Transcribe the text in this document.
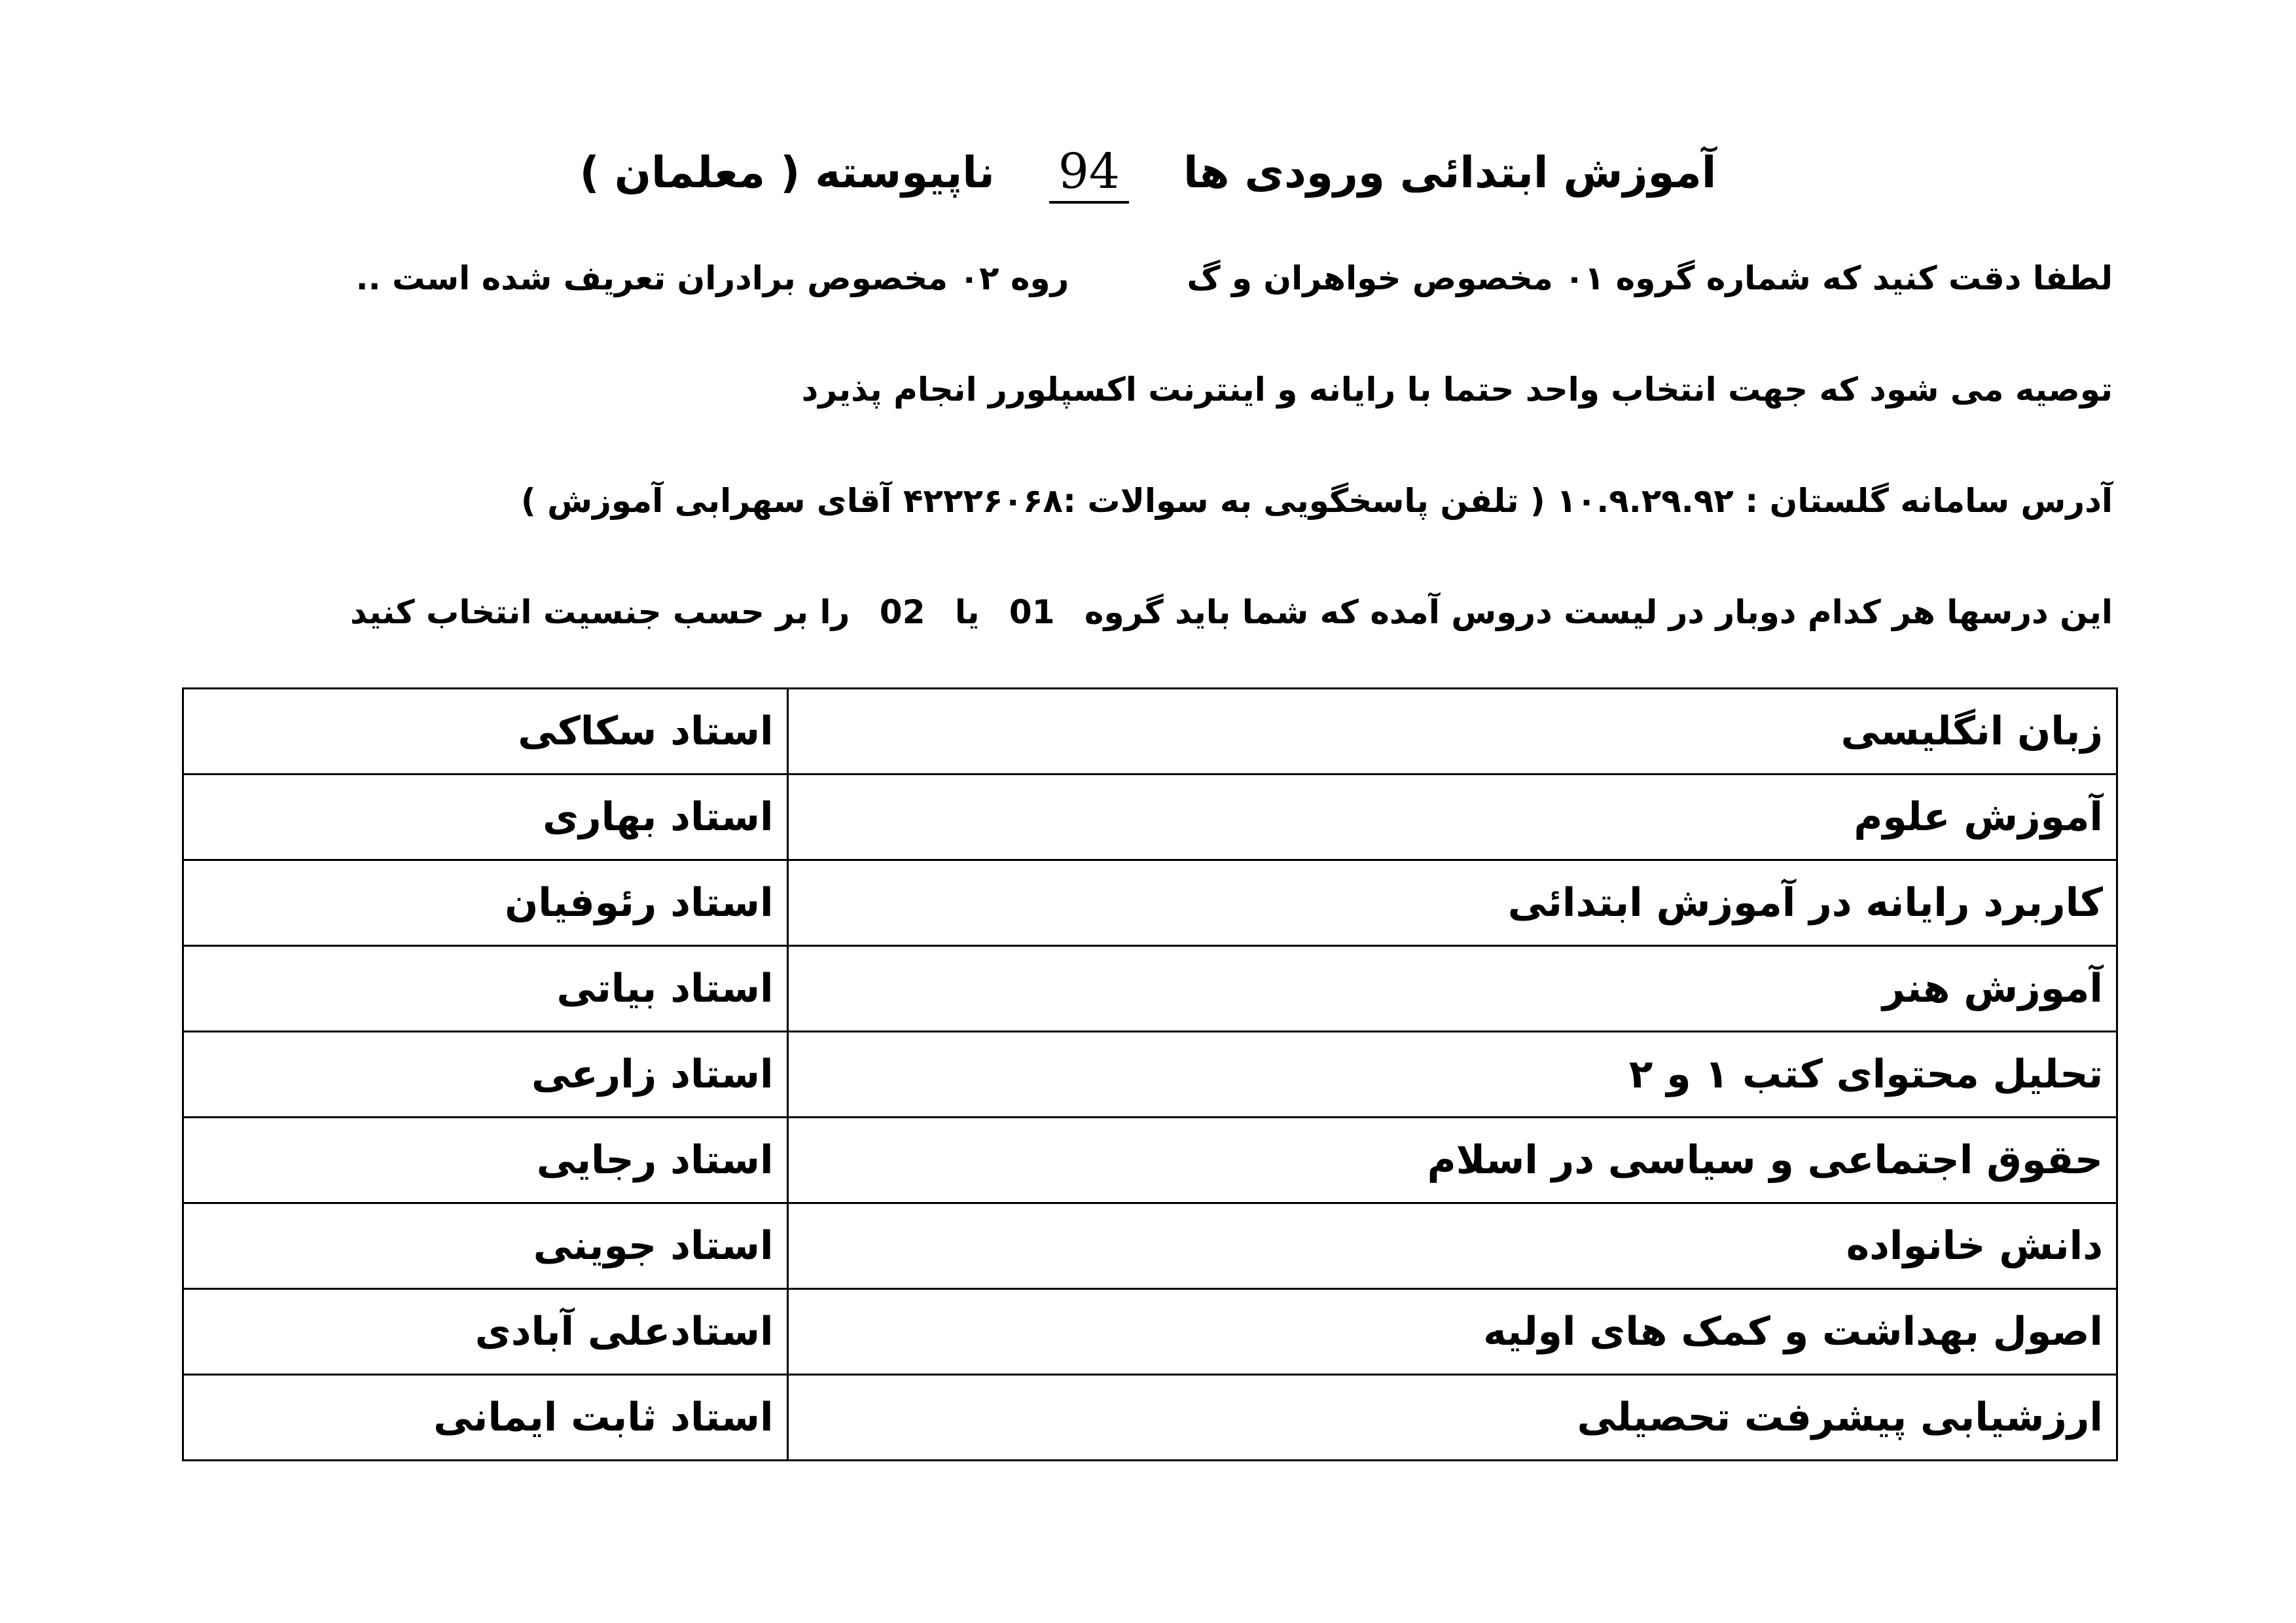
آموزش ابتدائی ورودی ها 94 ناپیوسته ( معلمان )
لطفا دقت کنید که شماره گروه ۰۱ مخصوص خواهران و گروه ۰۲ مخصوص برادران تعریف شده است ..
توصیه می شود که جهت انتخاب واحد حتما با رایانه و اینترنت اکسپلورر انجام پذیرد
آدرس سامانه گلستان : ۱۰.۹.۲۹.۹۲ ( تلفن پاسخگویی به سوالات :۴۲۲۲۶۰۶۸ آقای سهرابی آموزش )
این درسها هر کدام دوبار در لیست دروس آمده که شما باید گروه 01 یا 02 را بر حسب جنسیت انتخاب کنید
زبان انگلیسی	استاد سکاکی
آموزش علوم	استاد بهاری
کاربرد رایانه در آموزش ابتدائی	استاد رئوفیان
آموزش هنر	استاد بیاتی
تحلیل محتوای کتب ۱ و ۲	استاد زارعی
حقوق اجتماعی و سیاسی در اسلام	استاد رجایی
دانش خانواده	استاد جوینی
اصول بهداشت و کمک های اولیه	استادعلی آبادی
ارزشیابی پیشرفت تحصیلی	استاد ثابت ایمانی
